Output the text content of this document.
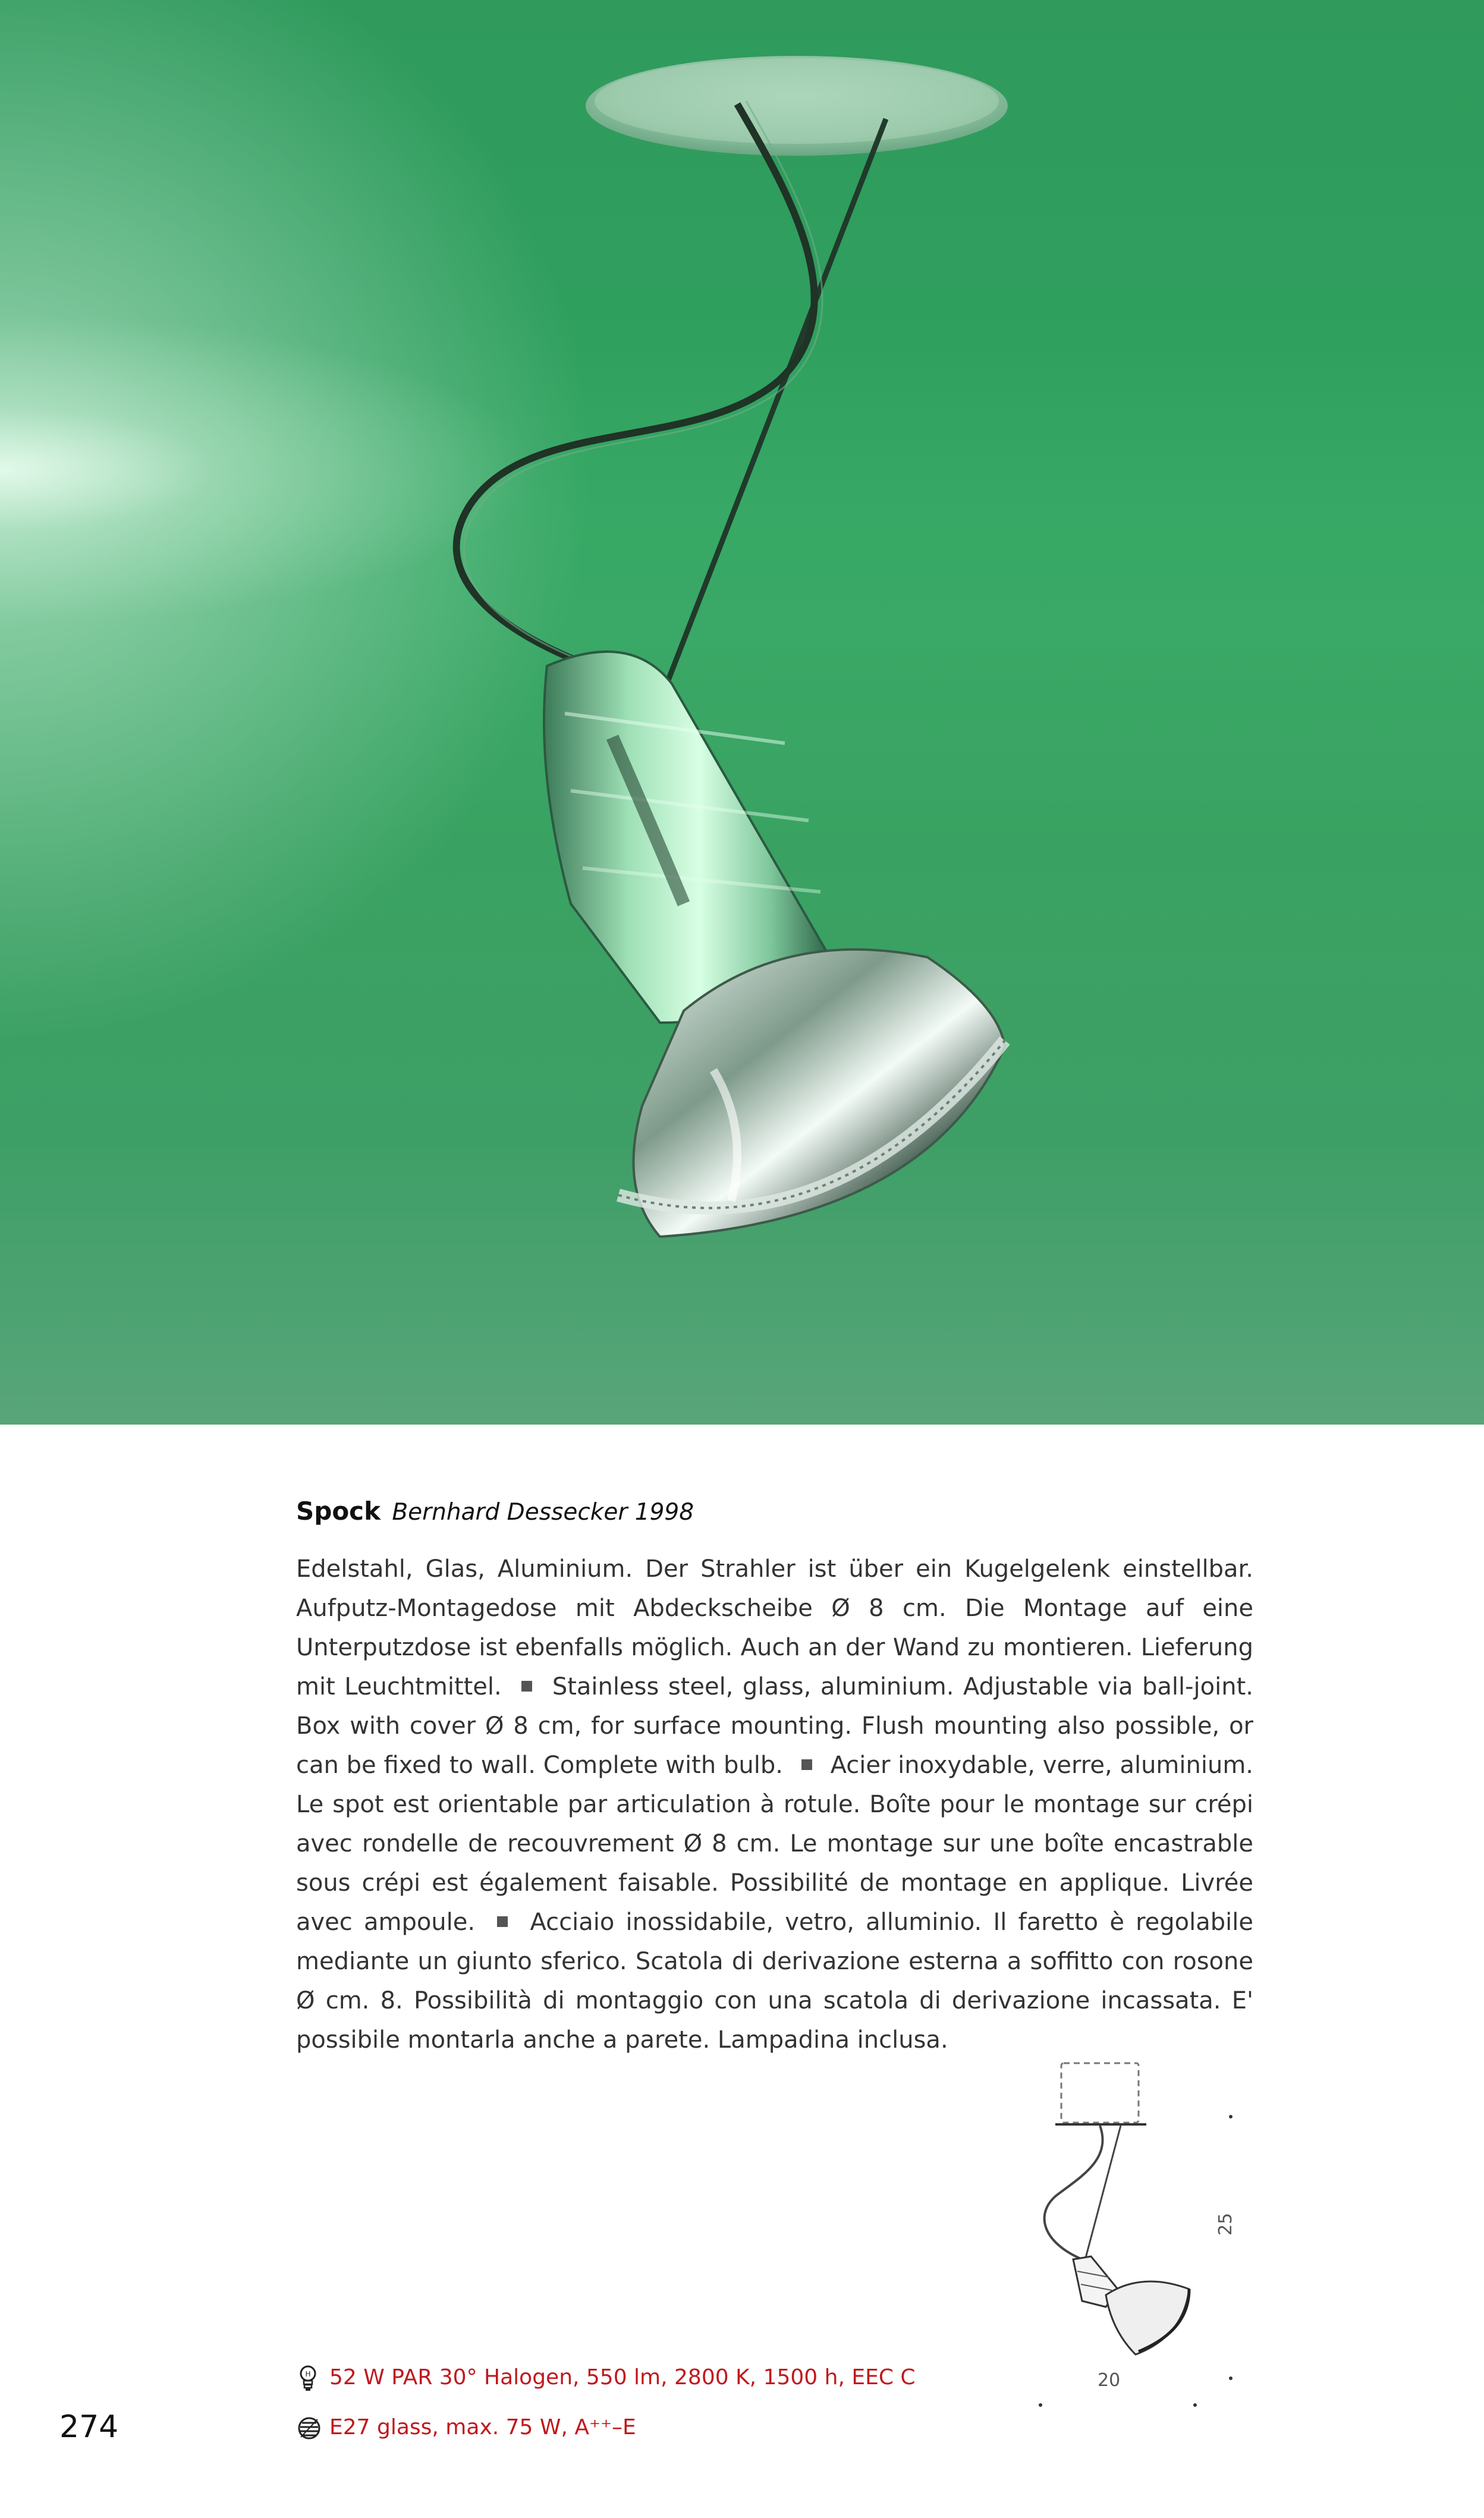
Spock Bernhard Dessecker 1998

Edelstahl, Glas, Aluminium. Der Strahler ist über ein Kugelgelenk einstellbar. Aufputz-Montagedose mit Abdeckscheibe Ø 8 cm. Die Montage auf eine Unterputzdose ist ebenfalls möglich. Auch an der Wand zu montieren. Lieferung mit Leuchtmittel.

Stainless steel, glass, aluminium. Adjustable via ball-joint. Box with cover Ø 8 cm, for surface mounting. Flush mounting also possible, or can be fixed to wall. Complete with bulb.

Acier inoxydable, verre, aluminium. Le spot est orientable par articulation à rotule. Boîte pour le montage sur crépi avec rondelle de recouvrement Ø 8 cm. Le montage sur une boîte encastrable sous crépi est également faisable. Possibilité de montage en applique. Livrée avec ampoule.

Acciaio inossidabile, vetro, alluminio. Il faretto è regolabile mediante un giunto sferico. Scatola di derivazione esterna a soffitto con rosone Ø cm. 8. Possibilità di montaggio con una scatola di derivazione incassata. E' possibile montarla anche a parete. Lampadina inclusa.

25
20
H 52 W PAR 30° Halogen, 550 lm, 2800 K, 1500 h, EEC C
E27 glass, max. 75 W, A⁺⁺–E
274
